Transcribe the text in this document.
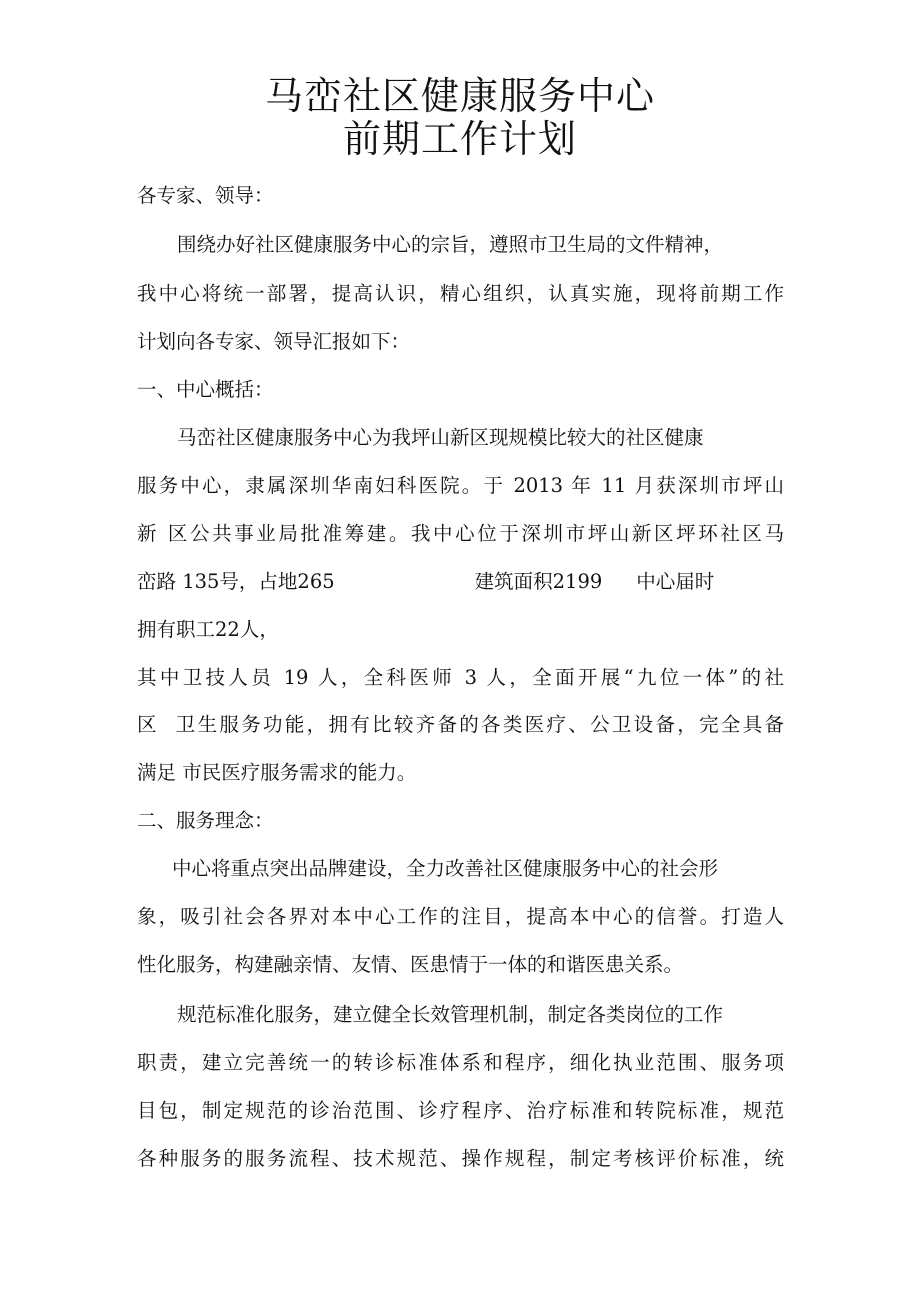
马峦社区健康服务中心
前期工作计划
各专家、领导：
围绕办好社区健康服务中心的宗旨，遵照市卫生局的文件精神，
我中心将统一部署，提高认识，精心组织，认真实施，现将前期工作
计划向各专家、领导汇报如下：
一、中心概括：
马峦社区健康服务中心为我坪山新区现规模比较大的社区健康
服务中心，隶属深圳华南妇科医院。于 2013 年 11 月获深圳市坪山
新 区公共事业局批准筹建。我中心位于深圳市坪山新区坪环社区马
峦路 135号，占地265	建筑面积2199 中心届时
拥有职工22人，
其中卫技人员 19 人，全科医师 3 人，全面开展“九位一体”的社
区  卫生服务功能，拥有比较齐备的各类医疗、公卫设备，完全具备
满足 市民医疗服务需求的能力。
二、服务理念：
中心将重点突出品牌建设，全力改善社区健康服务中心的社会形
象，吸引社会各界对本中心工作的注目，提高本中心的信誉。打造人
性化服务，构建融亲情、友情、医患情于一体的和谐医患关系。
规范标准化服务，建立健全长效管理机制，制定各类岗位的工作
职责，建立完善统一的转诊标准体系和程序，细化执业范围、服务项
目包，制定规范的诊治范围、诊疗程序、治疗标准和转院标准，规范
各种服务的服务流程、技术规范、操作规程，制定考核评价标准，统
